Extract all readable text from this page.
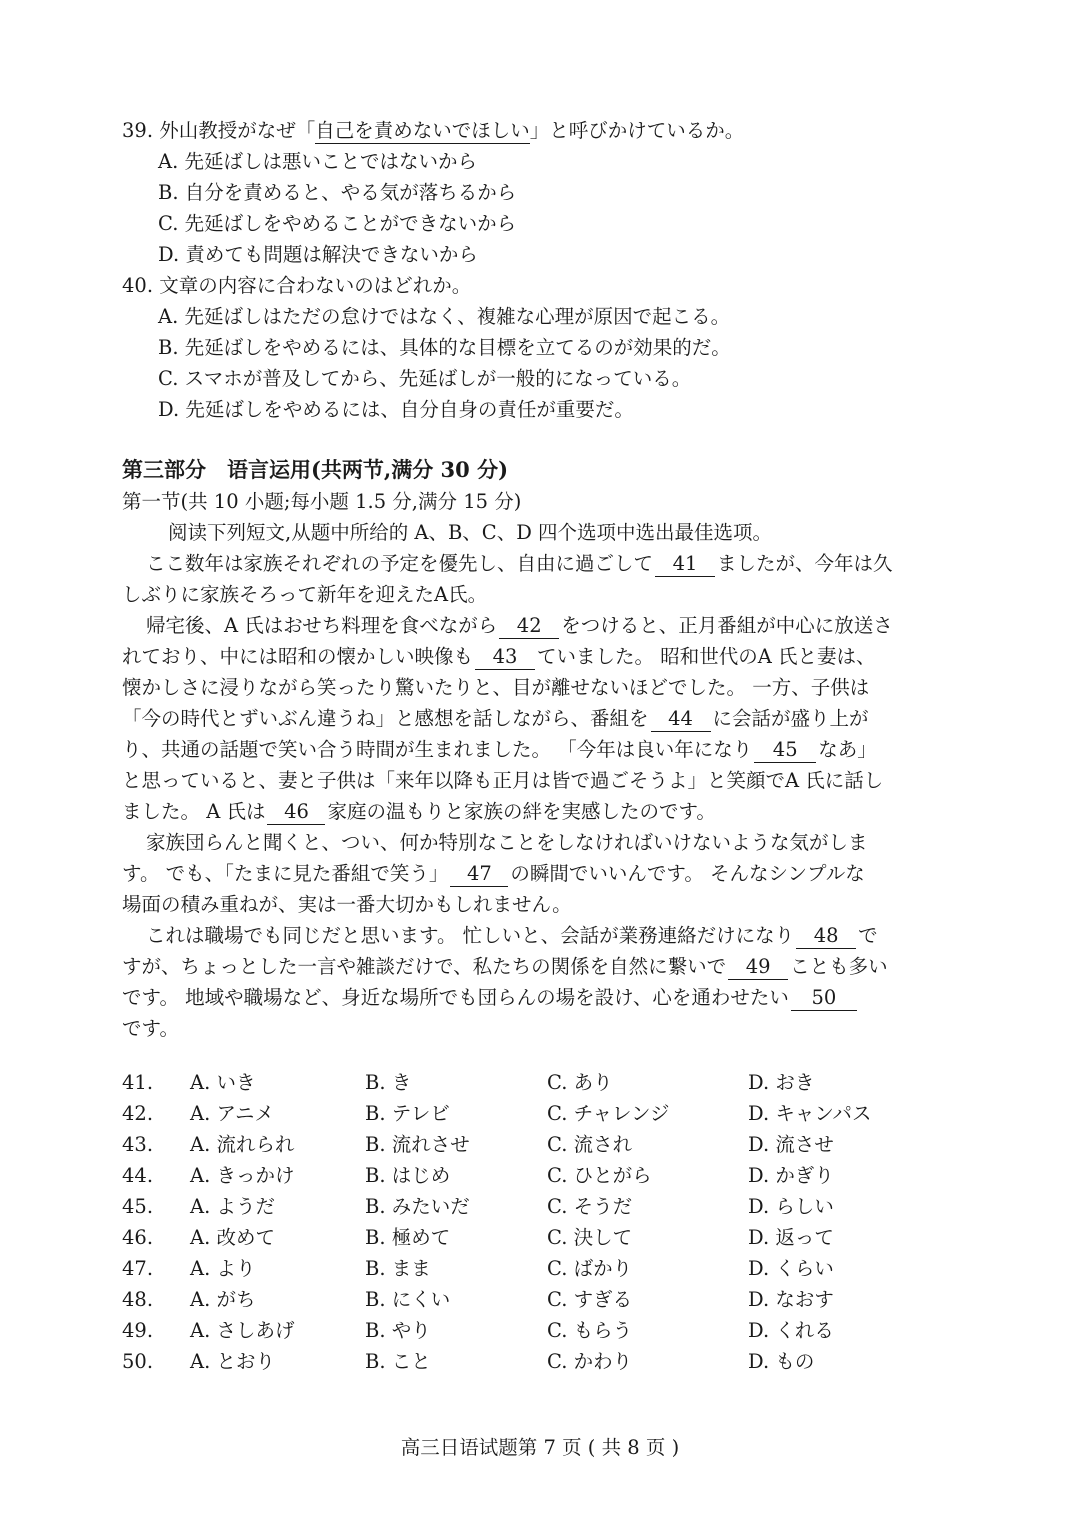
39. 外山教授がなぜ「自己を責めないでほしい」と呼びかけているか。
A. 先延ばしは悪いことではないから
B. 自分を責めると、やる気が落ちるから
C. 先延ばしをやめることができないから
D. 責めても問題は解決できないから
40. 文章の内容に合わないのはどれか。
A. 先延ばしはただの怠けではなく、複雑な心理が原因で起こる。
B. 先延ばしをやめるには、具体的な目標を立てるのが効果的だ。
C. スマホが普及してから、先延ばしが一般的になっている。
D. 先延ばしをやめるには、自分自身の責任が重要だ。
第三部分　语言运用(共两节,满分 30 分)
第一节(共 10 小题;每小题 1.5 分,满分 15 分)
阅读下列短文,从题中所给的 A、B、C、D 四个选项中选出最佳选项。
ここ数年は家族それぞれの予定を優先し、自由に過ごして 41 ましたが、今年は久
しぶりに家族そろって新年を迎えたA氏。
帰宅後、A 氏はおせち料理を食べながら 42 をつけると、正月番組が中心に放送さ
れており、中には昭和の懐かしい映像も 43 ていました。 昭和世代のA 氏と妻は、
懐かしさに浸りながら笑ったり驚いたりと、目が離せないほどでした。 一方、子供は
「今の時代とずいぶん違うね」と感想を話しながら、番組を 44 に会話が盛り上が
り、共通の話題で笑い合う時間が生まれました。 「今年は良い年になり 45 なあ」
と思っていると、妻と子供は「来年以降も正月は皆で過ごそうよ」と笑顔でA 氏に話し
ました。 A 氏は 46 家庭の温もりと家族の絆を実感したのです。
家族団らんと聞くと、つい、何か特別なことをしなければいけないような気がしま
す。 でも、「たまに見た番組で笑う」 47 の瞬間でいいんです。 そんなシンプルな
場面の積み重ねが、実は一番大切かもしれません。
これは職場でも同じだと思います。 忙しいと、会話が業務連絡だけになり 48 で
すが、ちょっとした一言や雑談だけで、私たちの関係を自然に繋いで 49 ことも多い
です。 地域や職場など、身近な場所でも団らんの場を設け、心を通わせたい 50
です。
41. A. いき	B. き	C. あり	D. おき
42. A. アニメ	B. テレビ	C. チャレンジ	D. キャンパス
43. A. 流れられ	B. 流れさせ	C. 流され	D. 流させ
44. A. きっかけ	B. はじめ	C. ひとがら	D. かぎり
45. A. ようだ	B. みたいだ	C. そうだ	D. らしい
46. A. 改めて	B. 極めて	C. 決して	D. 返って
47. A. より	B. まま	C. ばかり	D. くらい
48. A. がち	B. にくい	C. すぎる	D. なおす
49. A. さしあげ	B. やり	C. もらう	D. くれる
50. A. とおり	B. こと	C. かわり	D. もの
高三日语试题第 7 页 ( 共 8 页 )
